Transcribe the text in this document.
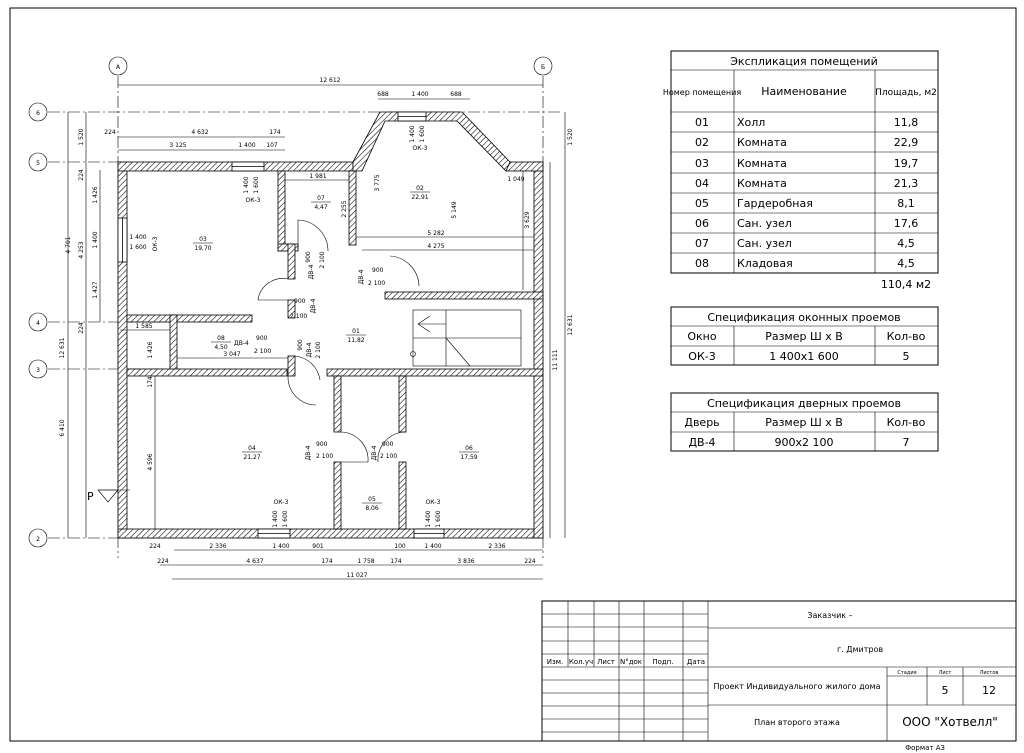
А	Б
6
5
4
3
2
12 612
688	1 400	688
224	4 632	174
3 125	1 400 107
1 520
224
1 426
1 400
4 253
4 701
1 427
224
12 631	1 426
174
6 410
4 596
1 520
3 629
11 111
12 631
1 049
1 981
2 255
3 775
5 149
5 282
4 275
1 585
3 047
2 336	1 400	901	100	1 400	2 336
224
224	4 637	174	1 758	174	3 836	224
11 027
01
11,82
02
22,91
03
19,70
04
21,27
05
8,06
06
17,59
07
4,47
08
4,50
1 400 1 600
ОК-3
1 400
1 600 ОК-3
1 400 1 600
ОК-3
ОК-3
1 400 1 600
ОК-3
1 400 1 600
ДВ-4
900 2 100
ДВ-4 900
2 100
900
2 100
ДВ-4
ДВ-4
900
2 100
900 ДВ-4 2 100
ДВ-4
900
2 100	ДВ-4
900
2 100
Р
Экспликация помещений
Номер помещения Наименование	Площадь, м2
01	Холл	11,8
02	Комната	22,9
03	Комната	19,7
04	Комната	21,3
05	Гардеробная	8,1
06	Сан. узел	17,6
07	Сан. узел	4,5
08	Кладовая	4,5
110,4 м2
Спецификация оконных проемов
Окно	Размер Ш х В	Кол-во
ОК-3	1 400х1 600	5
Спецификация дверных проемов
Дверь	Размер Ш х В	Кол-во
ДВ-4	900х2 100	7
Изм. Кол.уч Лист N°док Подп. Дата
Заказчик –
г. Дмитров
Проект Индивидуального жилого дома
План второго этажа	ООО "Хотвелл"
Стадия	Лист	Листов
5	12
Формат А3
